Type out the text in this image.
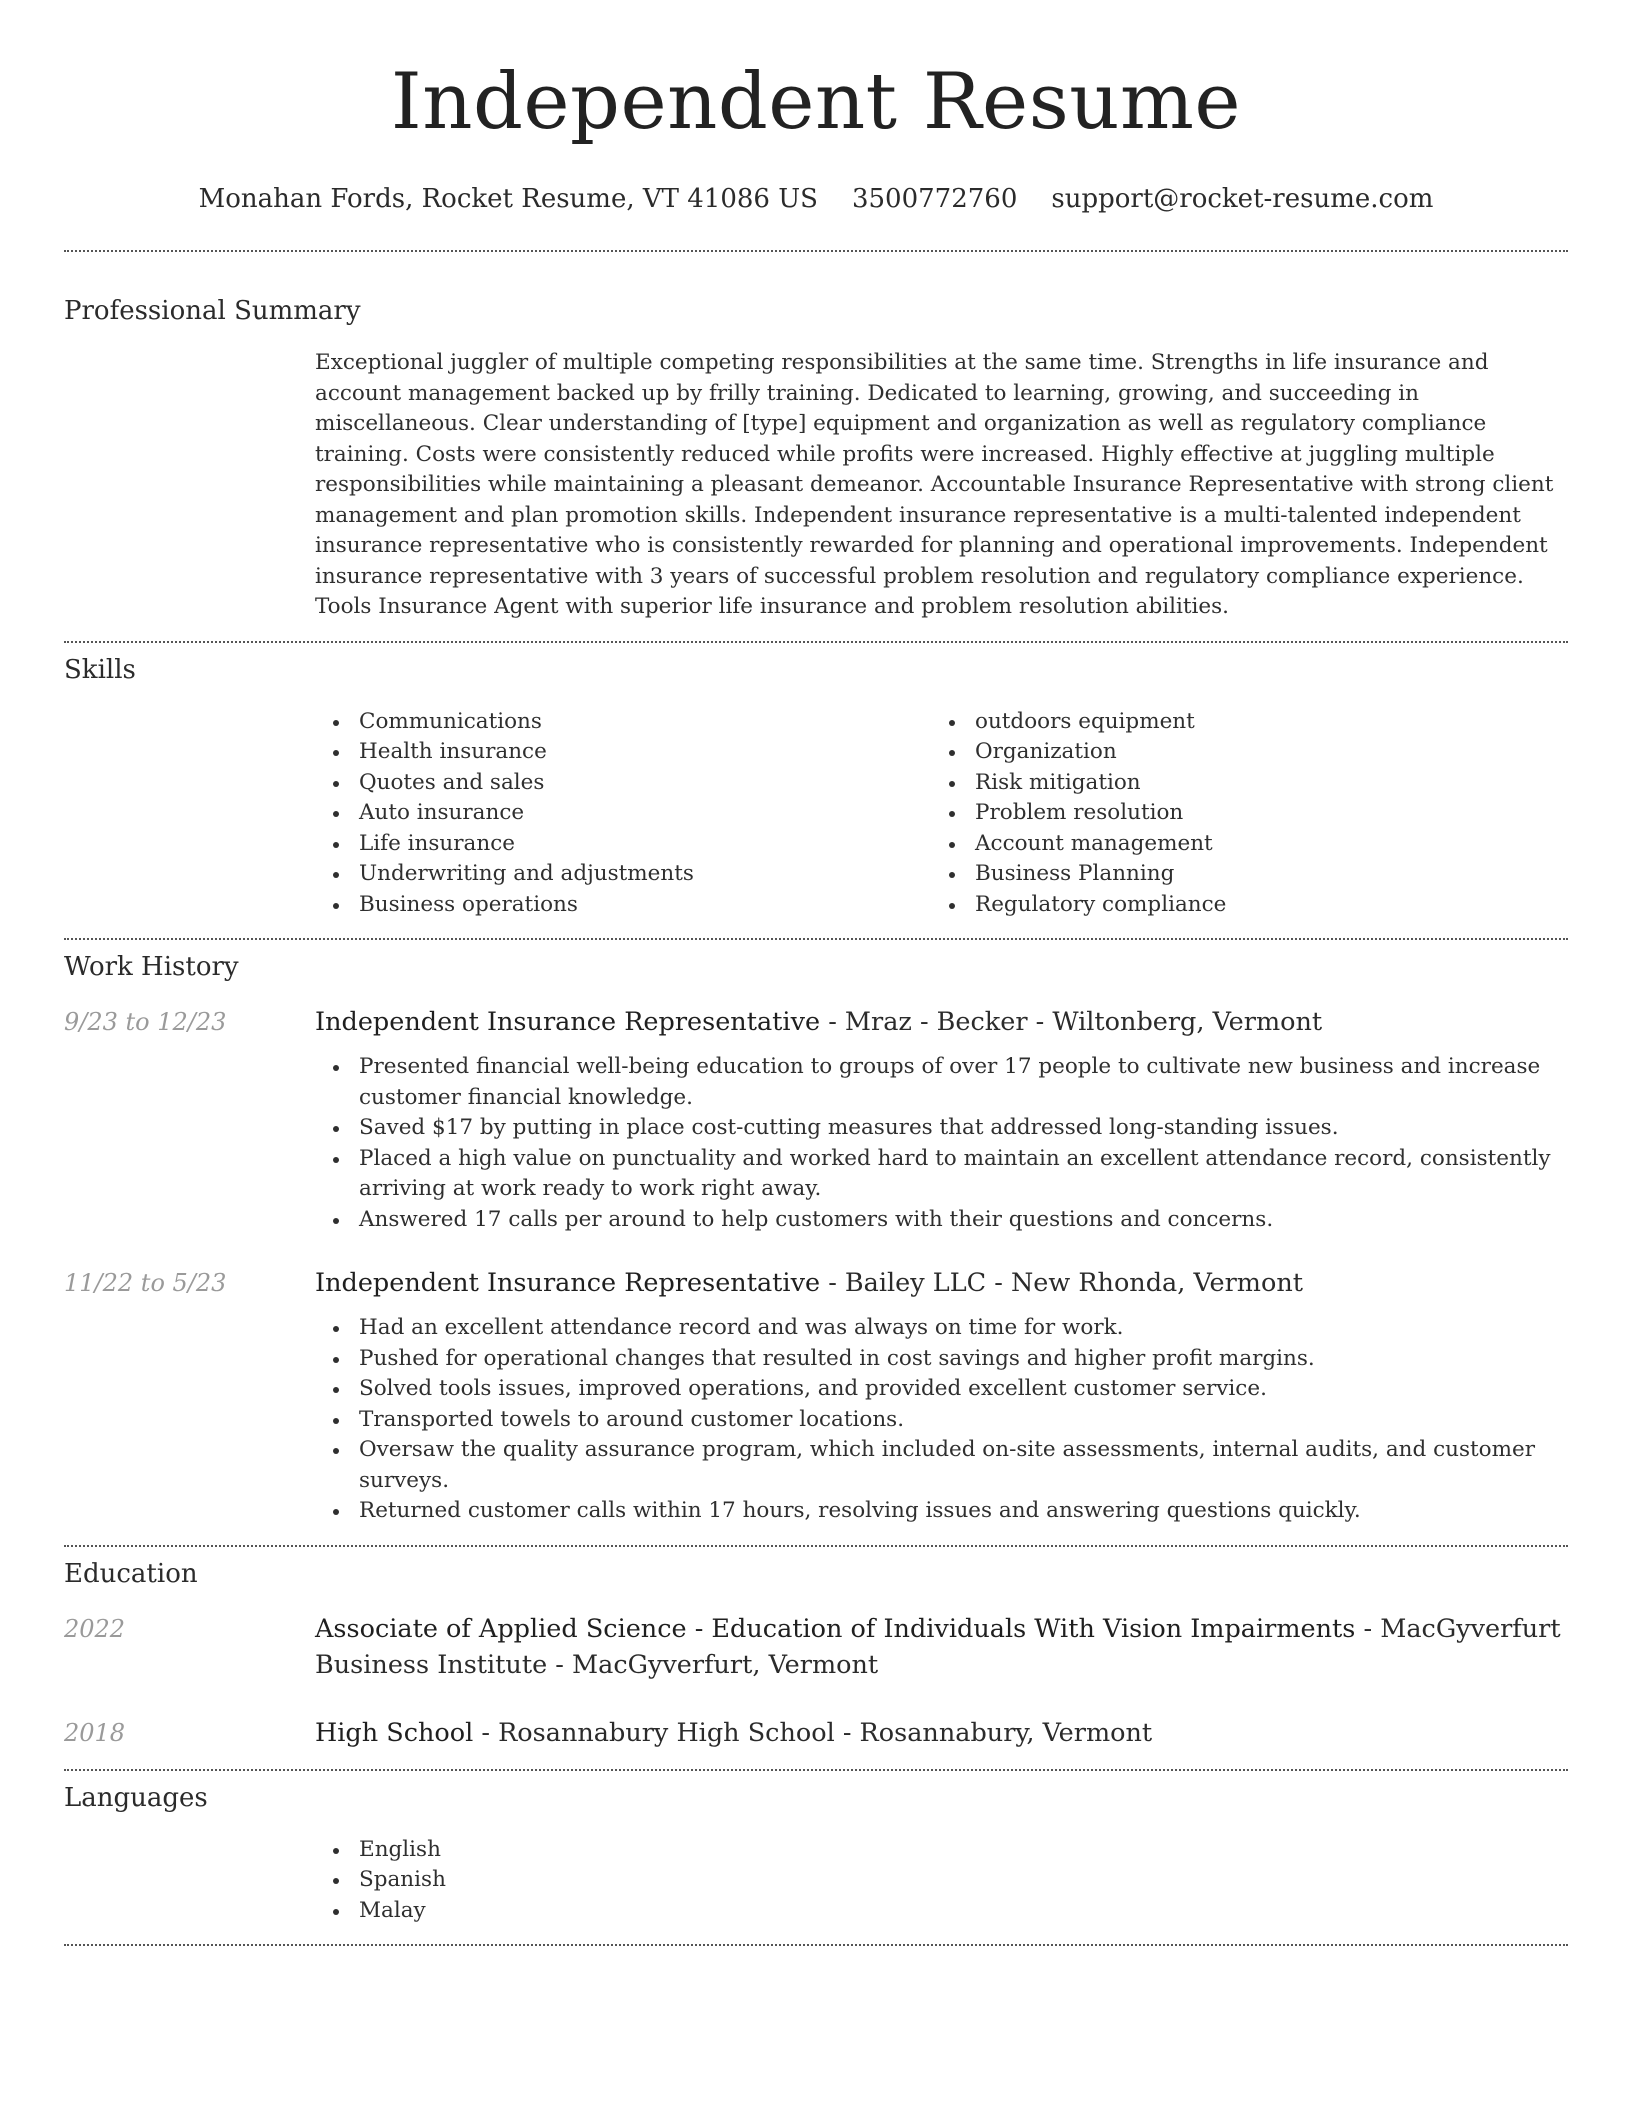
Independent Resume
Monahan Fords, Rocket Resume, VT 41086 US 3500772760 support@rocket-resume.com
Professional Summary

Exceptional juggler of multiple competing responsibilities at the same time. Strengths in life insurance and account management backed up by frilly training. Dedicated to learning, growing, and succeeding in miscellaneous. Clear understanding of [type] equipment and organization as well as regulatory compliance training. Costs were consistently reduced while profits were increased. Highly effective at juggling multiple responsibilities while maintaining a pleasant demeanor. Accountable Insurance Representative with strong client management and plan promotion skills. Independent insurance representative is a multi-talented independent insurance representative who is consistently rewarded for planning and operational improvements. Independent insurance representative with 3 years of successful problem resolution and regulatory compliance experience. Tools Insurance Agent with superior life insurance and problem resolution abilities.

Skills
Communications
Health insurance
Quotes and sales
Auto insurance
Life insurance
Underwriting and adjustments
Business operations
outdoors equipment
Organization
Risk mitigation
Problem resolution
Account management
Business Planning
Regulatory compliance
Work History
9/23 to 12/23	Independent Insurance Representative - Mraz - Becker - Wiltonberg, Vermont
Presented financial well-being education to groups of over 17 people to cultivate new business and increase customer financial knowledge.
Saved $17 by putting in place cost-cutting measures that addressed long-standing issues.
Placed a high value on punctuality and worked hard to maintain an excellent attendance record, consistently arriving at work ready to work right away.
Answered 17 calls per around to help customers with their questions and concerns.
11/22 to 5/23	Independent Insurance Representative - Bailey LLC - New Rhonda, Vermont
Had an excellent attendance record and was always on time for work.
Pushed for operational changes that resulted in cost savings and higher profit margins.
Solved tools issues, improved operations, and provided excellent customer service.
Transported towels to around customer locations.
Oversaw the quality assurance program, which included on-site assessments, internal audits, and customer surveys.
Returned customer calls within 17 hours, resolving issues and answering questions quickly.
Education
2022	Associate of Applied Science - Education of Individuals With Vision Impairments - MacGyverfurt Business Institute - MacGyverfurt, Vermont
2018	High School - Rosannabury High School - Rosannabury, Vermont
Languages
English
Spanish
Malay
